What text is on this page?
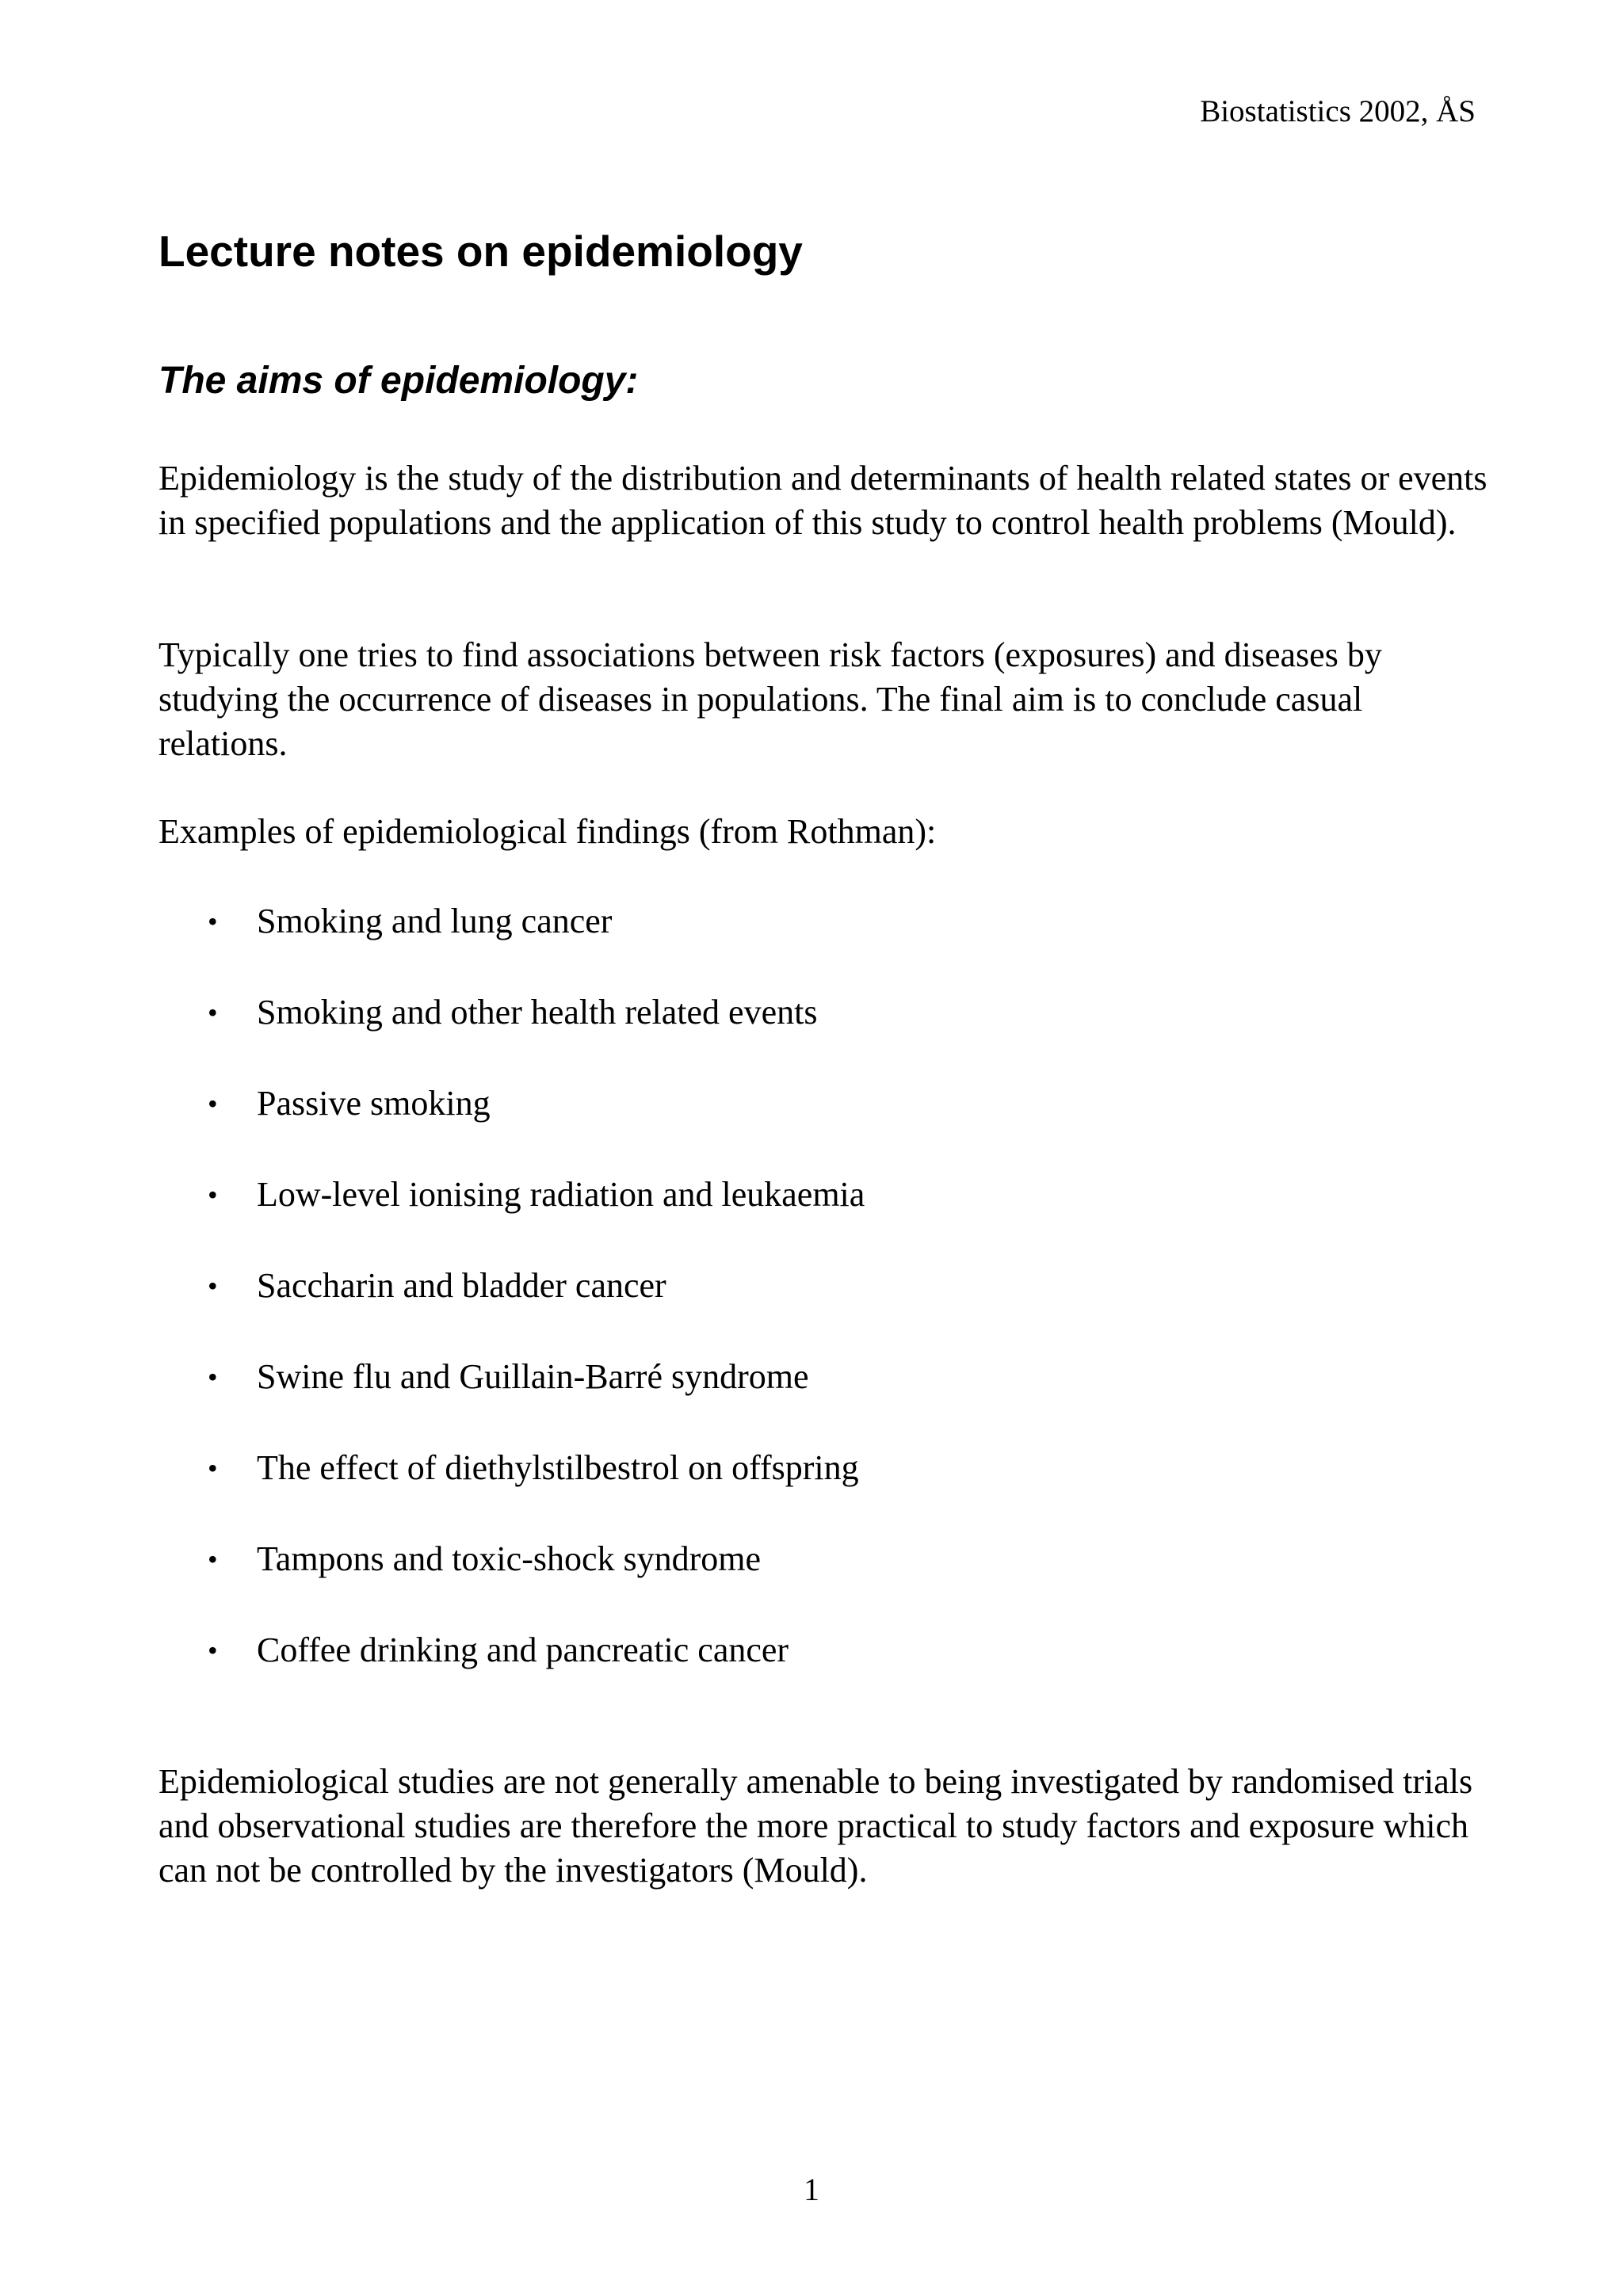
Biostatistics 2002, ÅS
Lecture notes on epidemiology
The aims of epidemiology:

Epidemiology is the study of the distribution and determinants of health related states or events in specified populations and the application of this study to control health problems (Mould).

Typically one tries to find associations between risk factors (exposures) and diseases by studying the occurrence of diseases in populations. The final aim is to conclude casual relations.

Examples of epidemiological findings (from Rothman):

• Smoking and lung cancer
• Smoking and other health related events
• Passive smoking
• Low-level ionising radiation and leukaemia
• Saccharin and bladder cancer
• Swine flu and Guillain-Barré syndrome
• The effect of diethylstilbestrol on offspring
• Tampons and toxic-shock syndrome
• Coffee drinking and pancreatic cancer

Epidemiological studies are not generally amenable to being investigated by randomised trials and observational studies are therefore the more practical to study factors and exposure which can not be controlled by the investigators (Mould).

1
